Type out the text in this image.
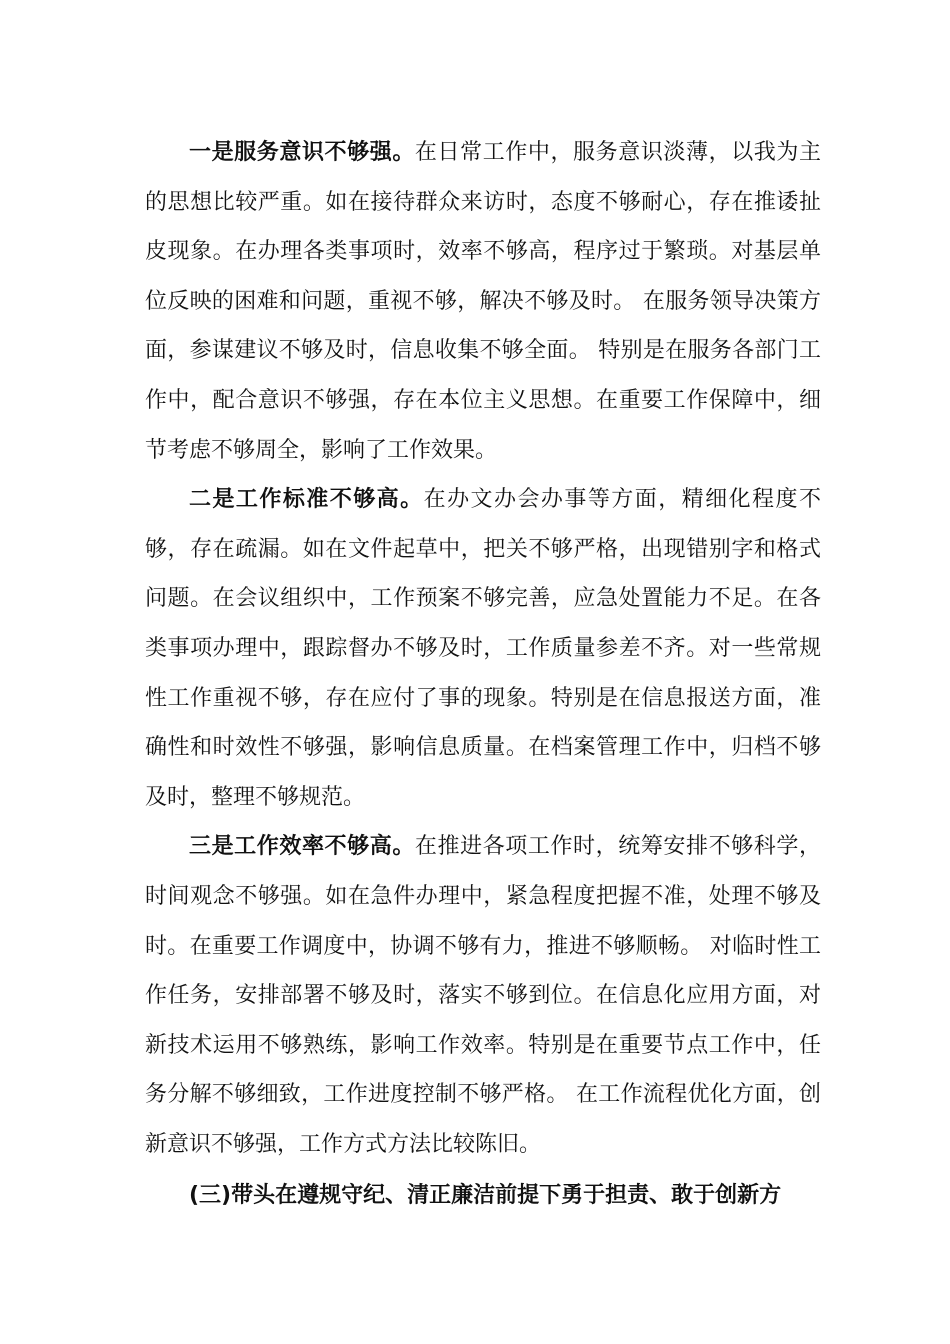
一是服务意识不够强。在日常工作中，服务意识淡薄，以我为主的思想比较严重。如在接待群众来访时，态度不够耐心，存在推诿扯皮现象。在办理各类事项时，效率不够高，程序过于繁琐。对基层单位反映的困难和问题，重视不够，解决不够及时。 在服务领导决策方面，参谋建议不够及时，信息收集不够全面。 特别是在服务各部门工作中，配合意识不够强，存在本位主义思想。在重要工作保障中，细节考虑不够周全，影响了工作效果。

二是工作标准不够高。在办文办会办事等方面，精细化程度不够，存在疏漏。如在文件起草中，把关不够严格，出现错别字和格式问题。在会议组织中，工作预案不够完善，应急处置能力不足。在各类事项办理中，跟踪督办不够及时，工作质量参差不齐。对一些常规性工作重视不够，存在应付了事的现象。特别是在信息报送方面，准确性和时效性不够强，影响信息质量。在档案管理工作中，归档不够及时，整理不够规范。

三是工作效率不够高。在推进各项工作时，统筹安排不够科学，时间观念不够强。如在急件办理中，紧急程度把握不准，处理不够及时。在重要工作调度中，协调不够有力，推进不够顺畅。 对临时性工作任务，安排部署不够及时，落实不够到位。在信息化应用方面，对新技术运用不够熟练，影响工作效率。特别是在重要节点工作中，任务分解不够细致，工作进度控制不够严格。 在工作流程优化方面，创新意识不够强，工作方式方法比较陈旧。

(三)带头在遵规守纪、清正廉洁前提下勇于担责、敢于创新方
